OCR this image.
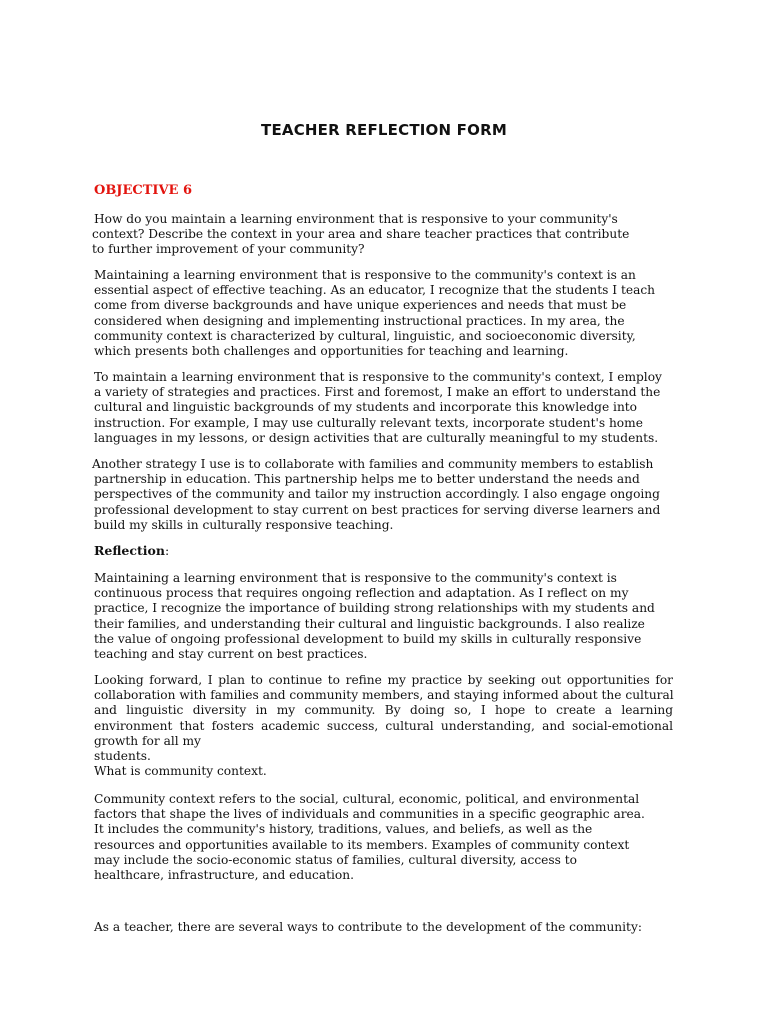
TEACHER REFLECTION FORM
OBJECTIVE 6
How do you maintain a learning environment that is responsive to your community's
context? Describe the context in your area and share teacher practices that contribute
to further improvement of your community?
Maintaining a learning environment that is responsive to the community's context is an
essential aspect of effective teaching. As an educator, I recognize that the students I teach
come from diverse backgrounds and have unique experiences and needs that must be
considered when designing and implementing instructional practices. In my area, the
community context is characterized by cultural, linguistic, and socioeconomic diversity,
which presents both challenges and opportunities for teaching and learning.
To maintain a learning environment that is responsive to the community's context, I employ
a variety of strategies and practices. First and foremost, I make an effort to understand the
cultural and linguistic backgrounds of my students and incorporate this knowledge into
instruction. For example, I may use culturally relevant texts, incorporate student's home
languages in my lessons, or design activities that are culturally meaningful to my students.
Another strategy I use is to collaborate with families and community members to establish
partnership in education. This partnership helps me to better understand the needs and
perspectives of the community and tailor my instruction accordingly. I also engage ongoing
professional development to stay current on best practices for serving diverse learners and
build my skills in culturally responsive teaching.
Reflection:
Maintaining a learning environment that is responsive to the community's context is
continuous process that requires ongoing reflection and adaptation. As I reflect on my
practice, I recognize the importance of building strong relationships with my students and
their families, and understanding their cultural and linguistic backgrounds. I also realize
the value of ongoing professional development to build my skills in culturally responsive
teaching and stay current on best practices.
Looking forward, I plan to continue to refine my practice by seeking out opportunities for
collaboration with families and community members, and staying informed about the cultural
and linguistic diversity in my community. By doing so, I hope to create a learning
environment that fosters academic success, cultural understanding, and social-emotional
growth for all my
students.
What is community context.
Community context refers to the social, cultural, economic, political, and environmental
factors that shape the lives of individuals and communities in a specific geographic area.
It includes the community's history, traditions, values, and beliefs, as well as the
resources and opportunities available to its members. Examples of community context
may include the socio-economic status of families, cultural diversity, access to
healthcare, infrastructure, and education.
As a teacher, there are several ways to contribute to the development of the community:
